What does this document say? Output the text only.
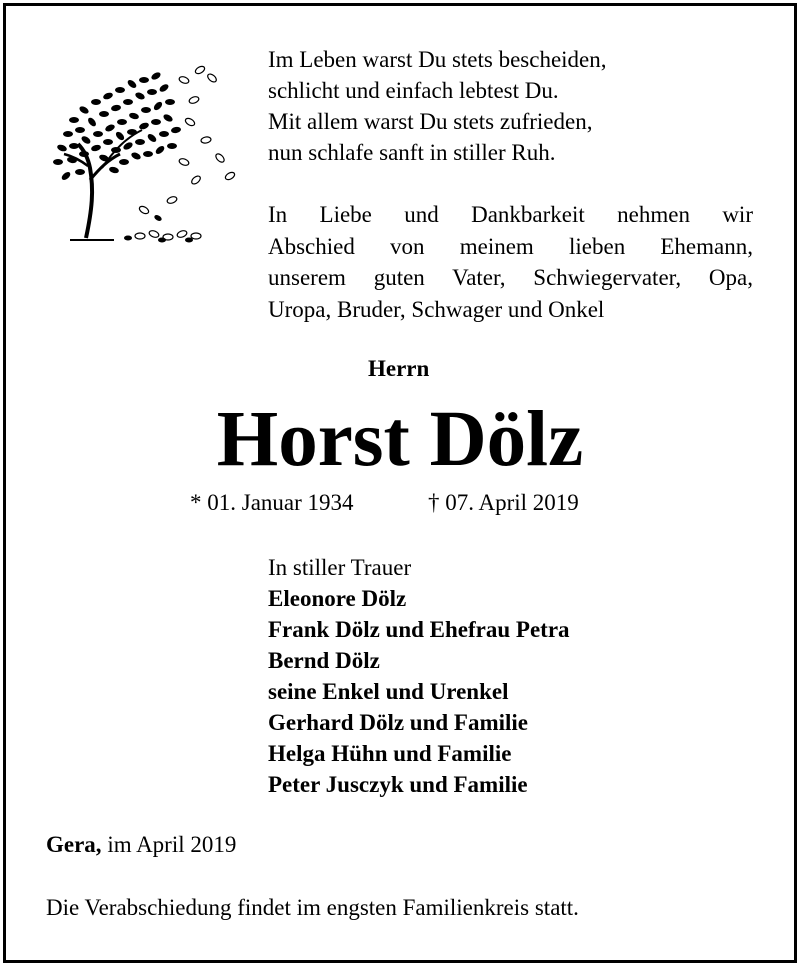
Im Leben warst Du stets bescheiden,
schlicht und einfach lebtest Du.
Mit allem warst Du stets zufrieden,
nun schlafe sanft in stiller Ruh.
In Liebe und Dankbarkeit nehmen wir
Abschied von meinem lieben Ehemann,
unserem guten Vater, Schwiegervater, Opa,
Uropa, Bruder, Schwager und Onkel
Herrn
Horst Dölz
* 01. Januar 1934	† 07. April 2019
In stiller Trauer
Eleonore Dölz
Frank Dölz und Ehefrau Petra
Bernd Dölz
seine Enkel und Urenkel
Gerhard Dölz und Familie
Helga Hühn und Familie
Peter Jusczyk und Familie
Gera, im April 2019
Die Verabschiedung findet im engsten Familienkreis statt.
